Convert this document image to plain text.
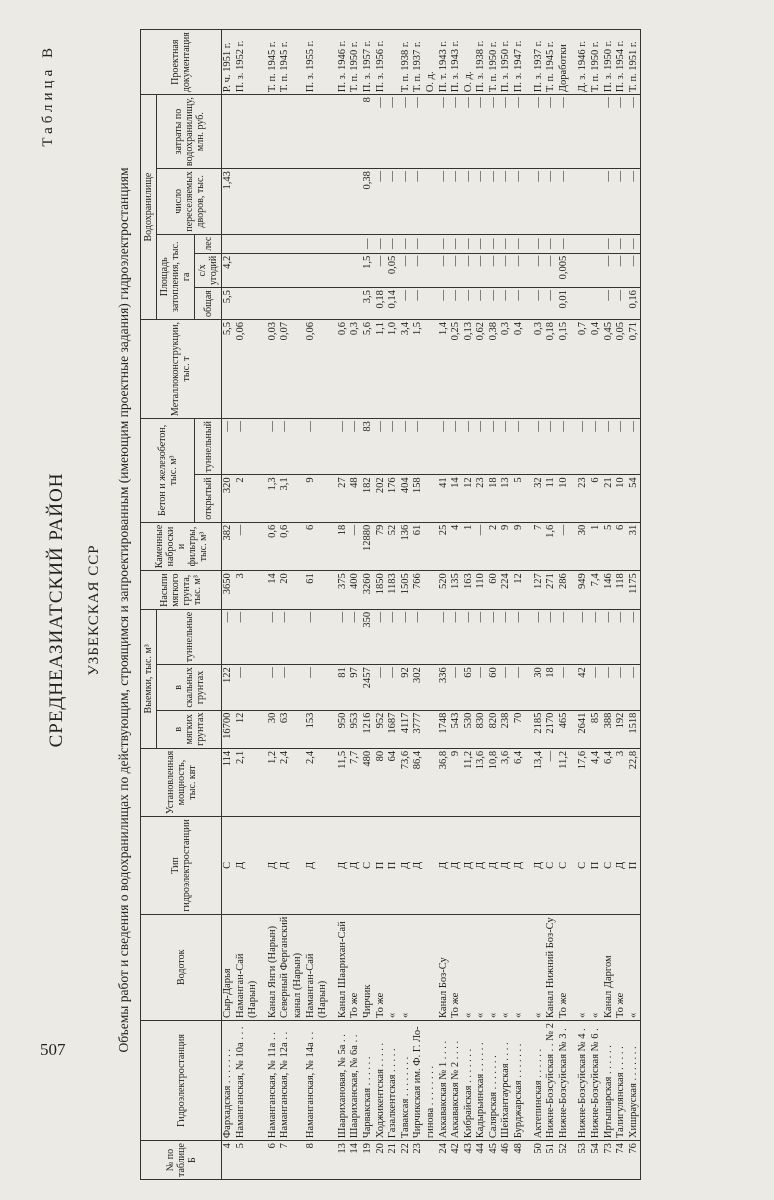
507
Таблица В
СРЕДНЕАЗИАТСКИЙ РАЙОН УЗБЕКСКАЯ ССР Объемы работ и сведения о водохранилищах по действующим, строящимся и запроектированным (имеющим проектные задания) гидроэлектростанциям
№ по таблице Б	Гидроэлектростанция	Водоток	Тип гидроэлектростанции	Установленная мощность, тыс. квт	Выемки, тыс. м³			Насыпи мягкого грунта, тыс. м³	Каменные наброски и фильтры, тыс. м³	Бетон и железобетон, тыс. м³		Металлоконструкции, тыс. т	Водохранилище					Проектная документация
					в мягких грунтах	в скальных грунтах	туннельные						Площадь затопления, тыс. га			число переселяемых дворов, тыс.	затраты по водохранилищу, млн. руб.	
										открытый	туннельный		общая	с/х угодий	лес			
4	Фархадская . . . . . . .	Сыр-Дарья	С	114	16700	122	—	3650	382	320	—	5,5	5,5	4,2		1,43		Р. ч. 1951 г.
5	Наманганская, № 10а . . .	Наманган-Сай	Д	2,1	12	—	—	3	—	2	—	0,06						П. з. 1952 г.
		(Нарын)																

6	Наманганская, № 11а . .	Канал Янги (Нарын)	Д	1,2	30	—	—	14	0,6	1,3	—	0,03						Т. п. 1945 г.
7	Наманганская, № 12а . .	Северный Ферганский	Д	2,4	63	—	—	20	0,6	3,1	—	0,07						Т. п. 1945 г.
		канал (Нарын)																
8	Наманганская, № 14а . .	Наманган-Сай	Д	2,4	153	—	—	61	6	9	—	0,06						П. з. 1955 г.
		(Нарын)																

13	Шаарихановая, № 5а . .	Канал Шаарихан-Сай	Д	11,5	950	81	—	375	18	27	—	0,6						П. з. 1946 г.
14	Шаариханская, № 6а . .	То же	Д	7,7	953	97	—	400	—	48	—	0,3						Т. п. 1950 г.
19	Чарвакская . . . . . .	Чирчик	С	480	1216	2457	350	3260	12880	182	83	5,6	3,5	1,5	—	0,38	8	П. з. 1957 г.
20	Ходжикентская . . . . .	То же	П	80	952	—	—	1850	79	202	—	1,1	0,18	—	—	—	—	П. з. 1956 г.
21	Газалкентская . . . . .	«	П	64	1687	—	—	1183	52	176	—	1,0	0,14	0,05	—	—	—	
22	Таваксая . . . . . . . .	«	Д	73,6	4117	92	—	1505	136	404	—	3,4	—	—	—	—	—	Т. п. 1938 г.
23	Чирчикская им. Ф. Г. Ло-		Д	86,4	3777	302	—	766	61	158	—	1,5	—	—	—	—	—	Т. п. 1937 г.
	гинова . . . . . . . .																	О. д.
24	Аккавакская № 1 . . . .	Канал Боз-Су	Д	36,8	1748	336	—	520	25	41	—	1,4	—	—	—	—	—	П. т. 1943 г.
42	Аккавакская № 2 . . . .	То же	Д	9	543	—	—	135	4	14	—	0,25	—	—	—	—	—	П. з. 1943 г.
43	Кибрайская . . . . . . .	«	Д	11,2	530	65	—	163	1	12	—	0,13	—	—	—	—	—	О. д.
44	Кадырьинская . . . . . .	«	Д	13,6	830	—	—	110	—	23	—	0,62	—	—	—	—	—	П. з. 1938 г.
45	Салярская . . . . . . .	«	Д	10,8	820	60	—	60	2	18	—	0,38	—	—	—	—	—	Т. п. 1950 г.
46	Шейхантаурская . . . .	«	Д	3,6	238	—	—	224	9	13	—	0,3	—	—	—	—	—	П. з. 1950 г.
48	Бурджарская . . . . . . .	«	Д	6,4	70	—	—	12	9	5	—	0,4	—	—	—	—	—	П. з. 1947 г.

50	Актепинская . . . . . .	«	Д	13,4	2185	30	—	127	7	32	—	0,3	—	—	—	—	—	П. з. 1937 г.
51	Нижне-Бозсуйская . . № 2	Канал Нижний Боз-Су	С	—	2170	18	—	271	1,6	11	—	0,18	—	—	—	—	—	Т. п. 1945 г.
52	Нижне-Бозсуйская № 3 .	То же	С	11,2	465	—	—	286	—	10	—	0,15	0,01	0,005	—	—	—	Доработки

53	Нижне-Бозсуйская № 4 .	«	С	17,6	2641	42	—	949	30	23	—	0,7						Д. з. 1946 г.
54	Нижне-Бозсуйская № 6 .	«	П	4,4	85	—	—	7,4	1	6	—	0,4						Т. п. 1950 г.
73	Иртышарская . . . . . .	Канал Даргом	С	6,4	388	—	—	146	5	21	—	0,45	—	—	—	—	—	П. з. 1950 г.
74	Талигулянская . . . . .	То же	Д	3	192	—	—	118	6	10	—	0,05	—	—	—	—	—	П. з. 1954 г.
76	Хишрауская . . . . . . .	«	П	22,8	1518	—	—	1175	31	54	—	0,71	0,16	—	—	—	—	Т. п. 1951 г.
